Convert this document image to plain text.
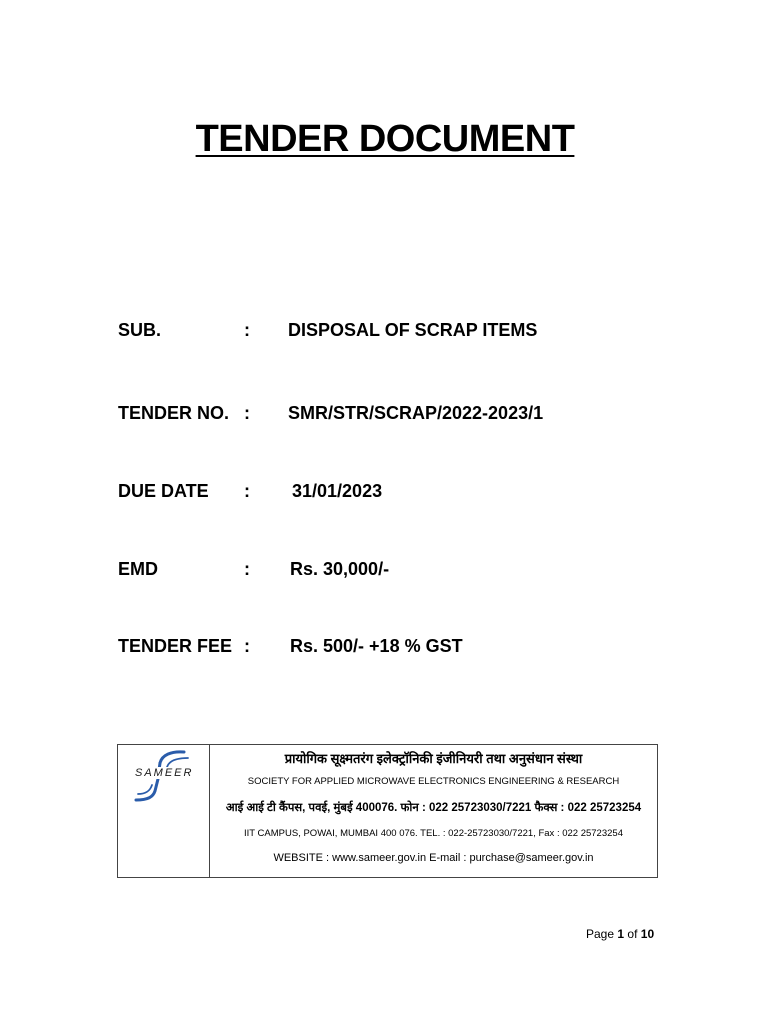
TENDER DOCUMENT
SUB.	: DISPOSAL OF SCRAP ITEMS
TENDER NO. : SMR/STR/SCRAP/2022-2023/1
DUE DATE : 31/01/2023
EMD	: Rs. 30,000/-
TENDER FEE : Rs. 500/- +18 % GST
SAMEER
प्रायोगिक सूक्ष्मतरंग इलेक्ट्रॉनिकी इंजीनियरी तथा अनुसंधान संस्था
SOCIETY FOR APPLIED MICROWAVE ELECTRONICS ENGINEERING & RESEARCH
आई आई टी कैंपस, पवई, मुंबई 400076. फोन : 022 25723030/7221 फैक्स : 022 25723254
IIT CAMPUS, POWAI, MUMBAI 400 076. TEL. : 022-25723030/7221, Fax : 022 25723254
WEBSITE : www.sameer.gov.in E-mail : purchase@sameer.gov.in
Page 1 of 10
